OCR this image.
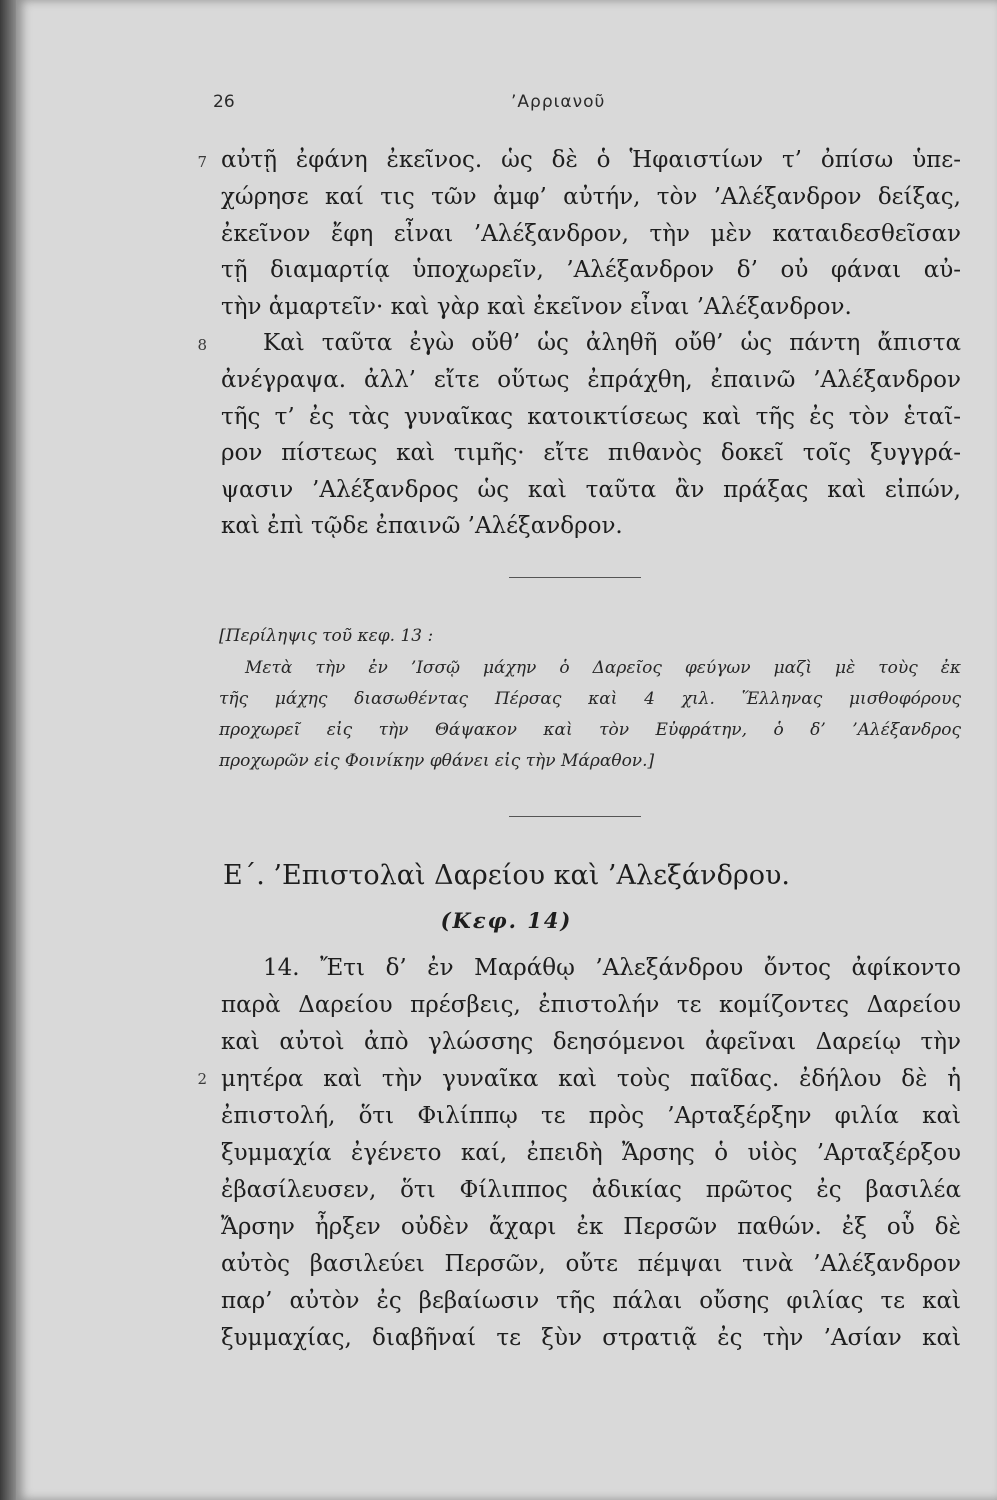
26	’Αρριανοῦ
7 αὐτῇ ἐφάνη ἐκεῖνος. ὡς δὲ ὁ Ἡφαιστίων τ’ ὀπίσω ὑπε-
χώρησε καί τις τῶν ἀμφ’ αὐτήν, τὸν ’Αλέξανδρον δείξας,
ἐκεῖνον ἔφη εἶναι ’Αλέξανδρον, τὴν μὲν καταιδεσθεῖσαν
τῇ διαμαρτίᾳ ὑποχωρεῖν, ’Αλέξανδρον δ’ οὐ φάναι αὐ-
τὴν ἁμαρτεῖν· καὶ γὰρ καὶ ἐκεῖνον εἶναι ’Αλέξανδρον.
8 Καὶ ταῦτα ἐγὼ οὔθ’ ὡς ἀληθῆ οὔθ’ ὡς πάντη ἄπιστα
ἀνέγραψα. ἀλλ’ εἴτε οὕτως ἐπράχθη, ἐπαινῶ ’Αλέξανδρον
τῆς τ’ ἐς τὰς γυναῖκας κατοικτίσεως καὶ τῆς ἐς τὸν ἑταῖ-
ρον πίστεως καὶ τιμῆς· εἴτε πιθανὸς δοκεῖ τοῖς ξυγγρά-
ψασιν ’Αλέξανδρος ὡς καὶ ταῦτα ἂν πράξας καὶ εἰπών,
καὶ ἐπὶ τῷδε ἐπαινῶ ’Αλέξανδρον.
[Περίληψις τοῦ κεφ. 13 :
Μετὰ τὴν ἐν ’Ισσῷ μάχην ὁ Δαρεῖος φεύγων μαζὶ μὲ τοὺς ἐκ
τῆς μάχης διασωθέντας Πέρσας καὶ 4 χιλ. Ἕλληνας μισθοφόρους
προχωρεῖ εἰς τὴν Θάψακον καὶ τὸν Εὐφράτην, ὁ δ’ ’Αλέξανδρος
προχωρῶν εἰς Φοινίκην φθάνει εἰς τὴν Μάραθον.]
Ε΄. ’Επιστολαὶ Δαρείου καὶ ’Αλεξάνδρου.
(Κεφ. 14)
14. Ἔτι δ’ ἐν Μαράθῳ ’Αλεξάνδρου ὄντος ἀφίκοντο
παρὰ Δαρείου πρέσβεις, ἐπιστολήν τε κομίζοντες Δαρείου
καὶ αὐτοὶ ἀπὸ γλώσσης δεησόμενοι ἀφεῖναι Δαρείῳ τὴν
2 μητέρα καὶ τὴν γυναῖκα καὶ τοὺς παῖδας. ἐδήλου δὲ ἡ
ἐπιστολή, ὅτι Φιλίππῳ τε πρὸς ’Αρταξέρξην φιλία καὶ
ξυμμαχία ἐγένετο καί, ἐπειδὴ Ἄρσης ὁ υἱὸς ’Αρταξέρξου
ἐβασίλευσεν, ὅτι Φίλιππος ἀδικίας πρῶτος ἐς βασιλέα
Ἄρσην ἦρξεν οὐδὲν ἄχαρι ἐκ Περσῶν παθών. ἐξ οὗ δὲ
αὐτὸς βασιλεύει Περσῶν, οὔτε πέμψαι τινὰ ’Αλέξανδρον
παρ’ αὐτὸν ἐς βεβαίωσιν τῆς πάλαι οὔσης φιλίας τε καὶ
ξυμμαχίας, διαβῆναί τε ξὺν στρατιᾷ ἐς τὴν ’Ασίαν καὶ
